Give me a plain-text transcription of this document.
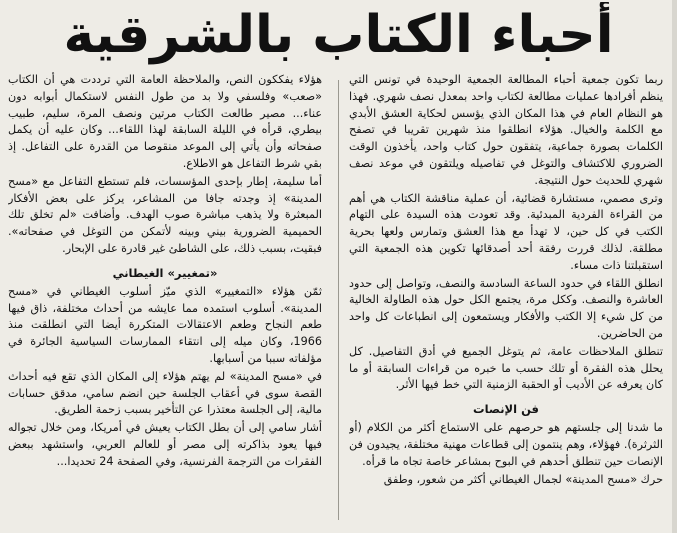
أحباء الكتاب بالشرقية

ربما تكون جمعية أحباء المطالعة الجمعية الوحيدة في تونس التي ينظم أفرادها عمليات مطالعة لكتاب واحد بمعدل نصف شهري. فهذا هو النظام العام في هذا المكان الذي يؤسس لحكاية العشق الأبدي مع الكلمة والخيال. هؤلاء انطلقوا منذ شهرين تقريبا في تصفح الكلمات بصورة جماعية، يتفقون حول كتاب واحد، يأخذون الوقت الضروري للاكتشاف والتوغل في تفاصيله ويلتقون في موعد نصف شهري للحديث حول النتيجة.

وترى مصمي، مستشارة قضائية، أن عملية مناقشة الكتاب هي أهم من القراءة الفردية المبدئية. وقد تعودت هذه السيدة على التهام الكتب في كل حين، لا تهدأ مع هذا العشق وتمارس ولعها بحرية مطلقة. لذلك قررت رفقة أحد أصدقائها تكوين هذه الجمعية التي استقبلتنا ذات مساء.

انطلق اللقاء في حدود الساعة السادسة والنصف، وتواصل إلى حدود العاشرة والنصف. وككل مرة، يجتمع الكل حول هذه الطاولة الخالية من كل شيء إلا الكتب والأفكار ويستمعون إلى انطباعات كل واحد من الحاضرين.

تنطلق الملاحظات عامة، ثم يتوغل الجميع في أدق التفاصيل. كل يحلل هذه الفقرة أو تلك حسب ما خبره من قراءات السابقة أو ما كان يعرفه عن الأديب أو الحقبة الزمنية التي خط فيها الأثر.

فن الإنصات

ما شدنا إلى جلستهم هو حرصهم على الاستماع أكثر من الكلام (أو الثرثرة). فهؤلاء، وهم ينتمون إلى قطاعات مهنية مختلفة، يجيدون فن الإنصات حين تنطلق أحدهم في البوح بمشاعر خاصة تجاه ما قرأه.

حرك «مسح المدينة» لجمال الغيطاني أكثر من شعور، وطفق

هؤلاء يفككون النص، والملاحظة العامة التي ترددت هي أن الكتاب «صعب» وفلسفي ولا بد من طول النفس لاستكمال أبوابه دون عناء... مصير طالعت الكتاب مرتين ونصف المرة، سليم، طبيب بيطري، قرأه في الليلة السابقة لهذا اللقاء... وكان عليه أن يكمل صفحاته وأن يأتي إلى الموعد منقوصا من القدرة على التفاعل. إذ بقي شرط التفاعل هو الاطلاع.

أما سليمة، إطار بإحدى المؤسسات، فلم تستطع التفاعل مع «مسح المدينة» إذ وجدته جافا من المشاعر، يركز على بعض الأفكار المبعثرة ولا يذهب مباشرة صوب الهدف. وأضافت «لم تخلق تلك الحميمية الضرورية بيني وبينه لأتمكن من التوغل في صفحاته». فبقيت، بسبب ذلك، على الشاطئ غير قادرة على الإبحار.

«تمغيير» الغيطاني

ثمّن هؤلاء «التمغيير» الذي ميّز أسلوب الغيطاني في «مسح المدينة». أسلوب استمده مما عايشه من أحداث مختلفة، ذاق فيها طعم النجاح وطعم الاعتقالات المتكررة أيضا التي انطلقت منذ 1966، وكان ميله إلى انتقاء الممارسات السياسية الجائرة في مؤلفاته سببا من أسبابها.

في «مسح المدينة» لم يهتم هؤلاء إلى المكان الذي تقع فيه أحداث القصة سوى في أعقاب الجلسة حين انضم سامي، مدقق حسابات مالية، إلى الجلسة معتذرا عن التأخير بسبب زحمة الطريق.

أشار سامي إلى أن بطل الكتاب يعيش في أمريكا، ومن خلال تجواله فيها يعود بذاكرته إلى مصر أو للعالم العربي، واستشهد ببعض الفقرات من الترجمة الفرنسية، وفي الصفحة 24 تحديدا...
